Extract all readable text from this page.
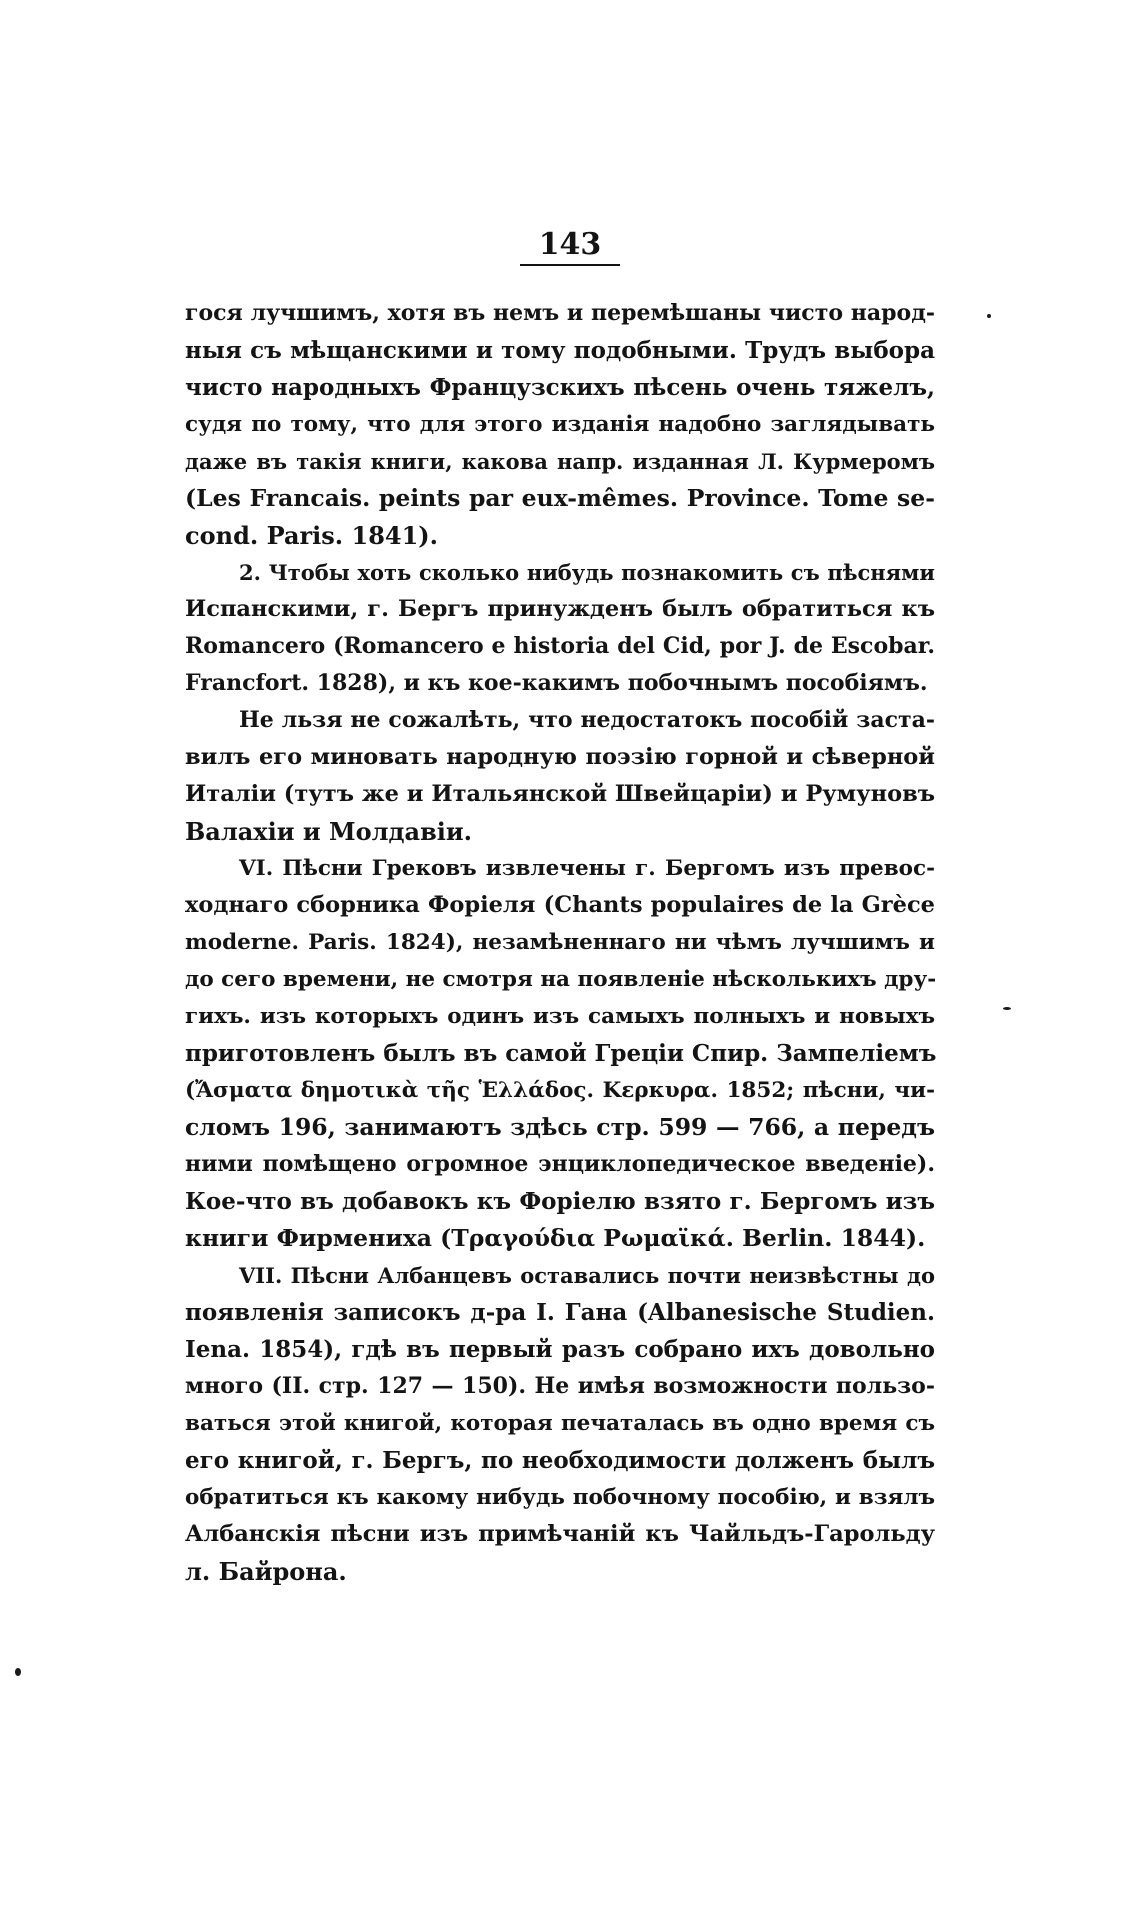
143
гося лучшимъ, хотя въ немъ и перемѣшаны чисто народ-
ныя съ мѣщанскими и тому подобными. Трудъ выбора
чисто народныхъ Французскихъ пѣсень очень тяжелъ,
судя по тому, что для этого изданія надобно заглядывать
даже въ такія книги, какова напр. изданная Л. Курмеромъ
(Les Francais. peints par eux-mêmes. Province. Tome se-
cond. Paris. 1841).
2. Чтобы хоть сколько нибудь познакомить съ пѣснями
Испанскими, г. Бергъ принужденъ былъ обратиться къ
Romancero (Romancero e historia del Cid, por J. de Escobar.
Francfort. 1828), и къ кое-какимъ побочнымъ пособіямъ.
Не льзя не сожалѣть, что недостатокъ пособій заста-
вилъ его миновать народную поэзію горной и сѣверной
Италіи (тутъ же и Итальянской Швейцаріи) и Румуновъ
Валахіи и Молдавіи.
VI. Пѣсни Грековъ извлечены г. Бергомъ изъ превос-
ходнаго сборника Форіеля (Chants populaires de la Grèce
moderne. Paris. 1824), незамѣненнаго ни чѣмъ лучшимъ и
до сего времени, не смотря на появленіе нѣсколькихъ дру-
гихъ. изъ которыхъ одинъ изъ самыхъ полныхъ и новыхъ
приготовленъ былъ въ самой Греціи Спир. Зампеліемъ
(Ἄσματα δημοτικὰ τῆς Ἑλλάδος. Κερκυρα. 1852; пѣсни, чи-
сломъ 196, занимаютъ здѣсь стр. 599 — 766, а передъ
ними помѣщено огромное энциклопедическое введеніе).
Кое-что въ добавокъ къ Форіелю взято г. Бергомъ изъ
книги Фирмениха (Τραγούδια Ρωμαϊκά. Berlin. 1844).
VII. Пѣсни Албанцевъ оставались почти неизвѣстны до
появленія записокъ д-ра І. Гана (Albanesische Studien.
Iena. 1854), гдѣ въ первый разъ собрано ихъ довольно
много (II. стр. 127 — 150). Не имѣя возможности пользо-
ваться этой книгой, которая печаталась въ одно время съ
его книгой, г. Бергъ, по необходимости долженъ былъ
обратиться къ какому нибудь побочному пособію, и взялъ
Албанскія пѣсни изъ примѣчаній къ Чайльдъ-Гарольду
л. Байрона.
